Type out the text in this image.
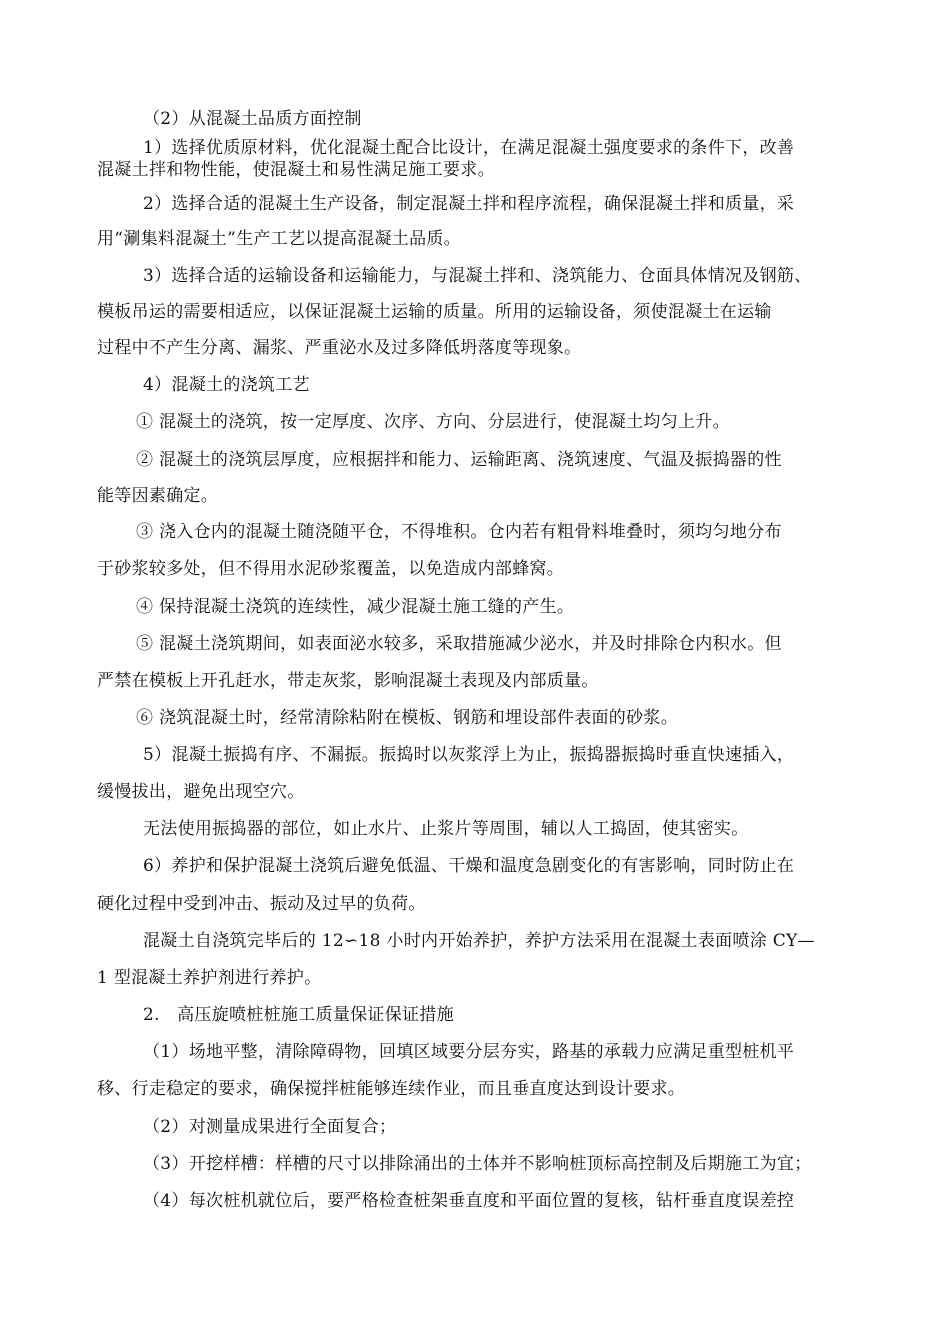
（2）从混凝土品质方面控制
1）选择优质原材料，优化混凝土配合比设计，在满足混凝土强度要求的条件下，改善
混凝土拌和物性能，使混凝土和易性满足施工要求。
2）选择合适的混凝土生产设备，制定混凝土拌和程序流程，确保混凝土拌和质量，采
用“涮集料混凝土”生产工艺以提高混凝土品质。
3）选择合适的运输设备和运输能力，与混凝土拌和、浇筑能力、仓面具体情况及钢筋、
模板吊运的需要相适应，以保证混凝土运输的质量。所用的运输设备，须使混凝土在运输
过程中不产生分离、漏浆、严重泌水及过多降低坍落度等现象。
4）混凝土的浇筑工艺
① 混凝土的浇筑，按一定厚度、次序、方向、分层进行，使混凝土均匀上升。
② 混凝土的浇筑层厚度，应根据拌和能力、运输距离、浇筑速度、气温及振捣器的性
能等因素确定。
③ 浇入仓内的混凝土随浇随平仓，不得堆积。仓内若有粗骨料堆叠时，须均匀地分布
于砂浆较多处，但不得用水泥砂浆覆盖，以免造成内部蜂窝。
④ 保持混凝土浇筑的连续性，减少混凝土施工缝的产生。
⑤ 混凝土浇筑期间，如表面泌水较多，采取措施减少泌水，并及时排除仓内积水。但
严禁在模板上开孔赶水，带走灰浆，影响混凝土表现及内部质量。
⑥ 浇筑混凝土时，经常清除粘附在模板、钢筋和埋设部件表面的砂浆。
5）混凝土振捣有序、不漏振。振捣时以灰浆浮上为止，振捣器振捣时垂直快速插入，
缓慢拔出，避免出现空穴。
无法使用振捣器的部位，如止水片、止浆片等周围，辅以人工捣固，使其密实。
6）养护和保护混凝土浇筑后避免低温、干燥和温度急剧变化的有害影响，同时防止在
硬化过程中受到冲击、振动及过早的负荷。
混凝土自浇筑完毕后的 12∽18 小时内开始养护，养护方法采用在混凝土表面喷涂 CY—
1 型混凝土养护剂进行养护。
2.　高压旋喷桩桩施工质量保证保证措施
（1）场地平整，清除障碍物，回填区域要分层夯实，路基的承载力应满足重型桩机平
移、行走稳定的要求，确保搅拌桩能够连续作业，而且垂直度达到设计要求。
（2）对测量成果进行全面复合；
（3）开挖样槽：样槽的尺寸以排除涌出的土体并不影响桩顶标高控制及后期施工为宜；
（4）每次桩机就位后，要严格检查桩架垂直度和平面位置的复核，钻杆垂直度误差控
